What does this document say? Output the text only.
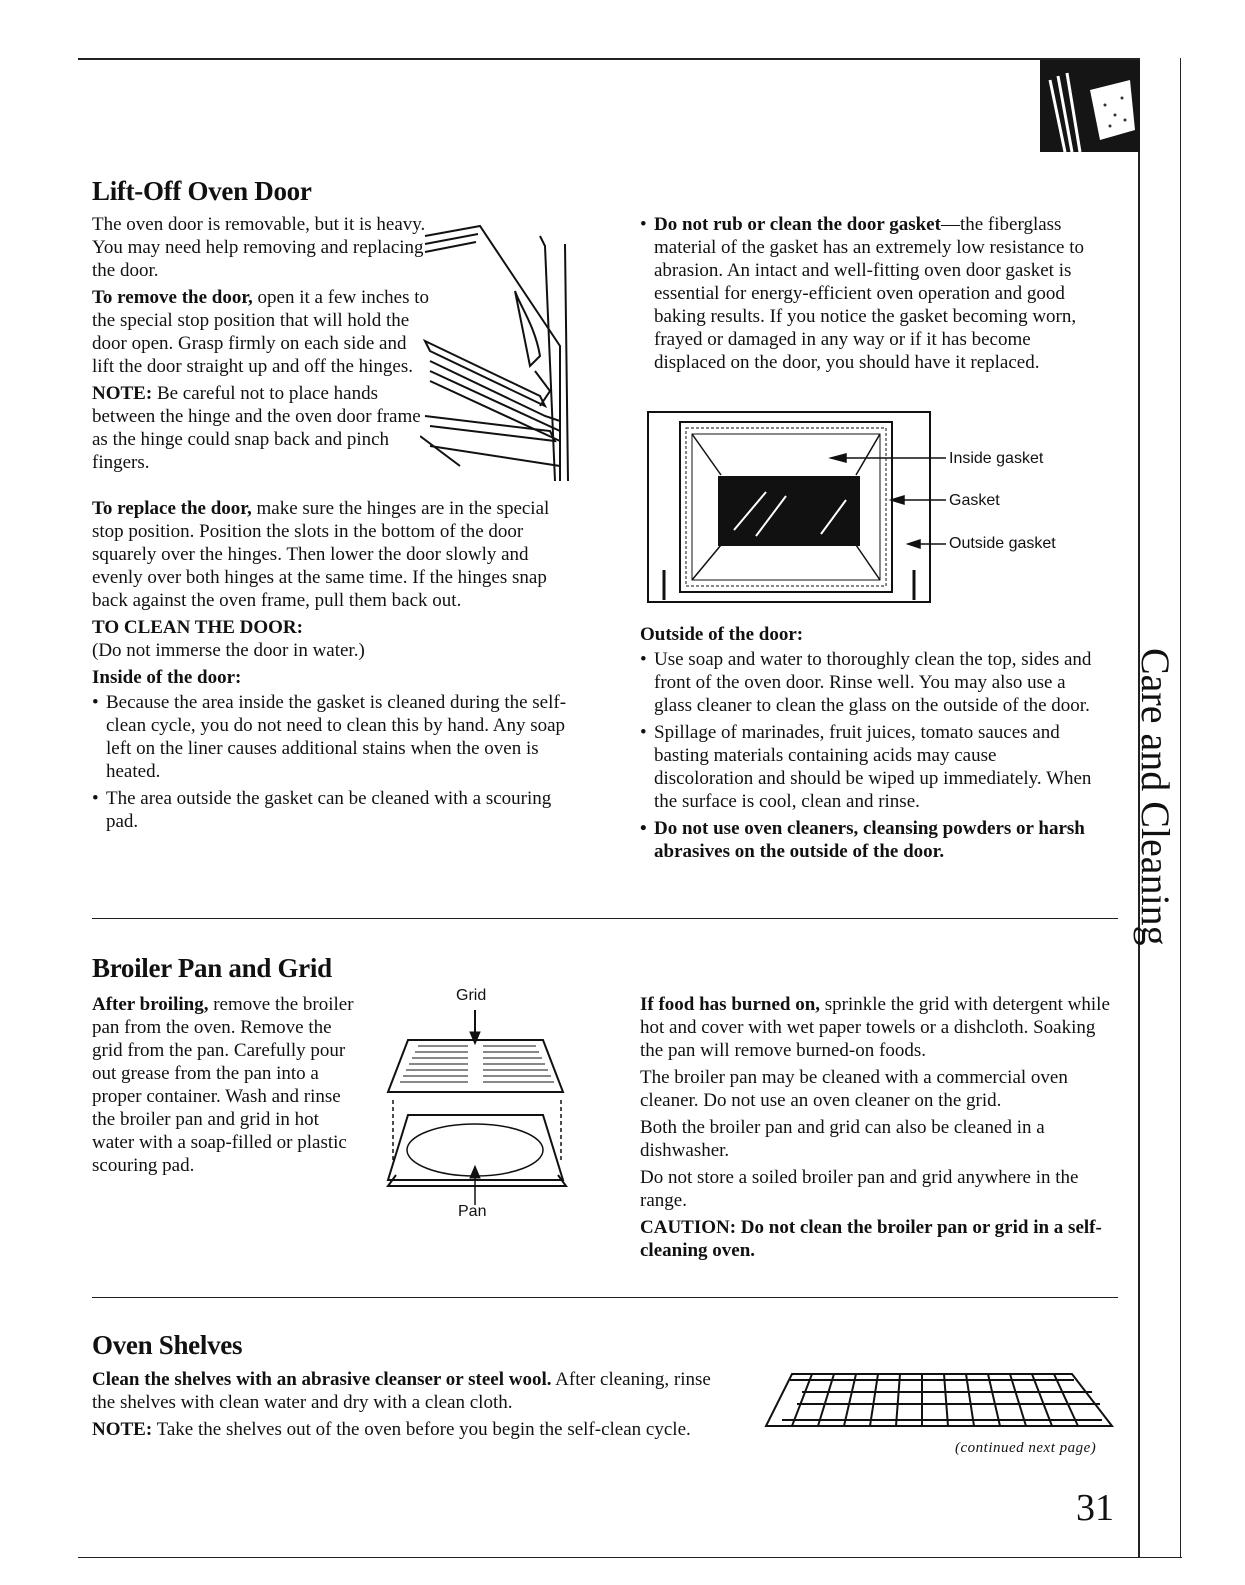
Care and Cleaning
Lift-Off Oven Door

The oven door is removable, but it is heavy. You may need help removing and replacing the door.

To remove the door, open it a few inches to the special stop position that will hold the door open. Grasp firmly on each side and lift the door straight up and off the hinges.

NOTE: Be careful not to place hands between the hinge and the oven door frame as the hinge could snap back and pinch fingers.

To replace the door, make sure the hinges are in the special stop position. Position the slots in the bottom of the door squarely over the hinges. Then lower the door slowly and evenly over both hinges at the same time. If the hinges snap back against the oven frame, pull them back out.

TO CLEAN THE DOOR:

(Do not immerse the door in water.)

Inside of the door:

• Because the area inside the gasket is cleaned during the self-clean cycle, you do not need to clean this by hand. Any soap left on the liner causes additional stains when the oven is heated.

• The area outside the gasket can be cleaned with a scouring pad.

• Do not rub or clean the door gasket—the fiberglass material of the gasket has an extremely low resistance to abrasion. An intact and well-fitting oven door gasket is essential for energy-efficient oven operation and good baking results. If you notice the gasket becoming worn, frayed or damaged in any way or if it has become displaced on the door, you should have it replaced.

Inside gasket
Gasket
Outside gasket

Outside of the door:

• Use soap and water to thoroughly clean the top, sides and front of the oven door. Rinse well. You may also use a glass cleaner to clean the glass on the outside of the door.

• Spillage of marinades, fruit juices, tomato sauces and basting materials containing acids may cause discoloration and should be wiped up immediately. When the surface is cool, clean and rinse.

• Do not use oven cleaners, cleansing powders or harsh abrasives on the outside of the door.

Broiler Pan and Grid

After broiling, remove the broiler pan from the oven. Remove the grid from the pan. Carefully pour out grease from the pan into a proper container. Wash and rinse the broiler pan and grid in hot water with a soap-filled or plastic scouring pad.

Grid
Pan

If food has burned on, sprinkle the grid with detergent while hot and cover with wet paper towels or a dishcloth. Soaking the pan will remove burned-on foods.

The broiler pan may be cleaned with a commercial oven cleaner. Do not use an oven cleaner on the grid.

Both the broiler pan and grid can also be cleaned in a dishwasher.

Do not store a soiled broiler pan and grid anywhere in the range.

CAUTION: Do not clean the broiler pan or grid in a self-cleaning oven.

Oven Shelves

Clean the shelves with an abrasive cleanser or steel wool. After cleaning, rinse the shelves with clean water and dry with a clean cloth.

NOTE: Take the shelves out of the oven before you begin the self-clean cycle.

(continued next page)
31
